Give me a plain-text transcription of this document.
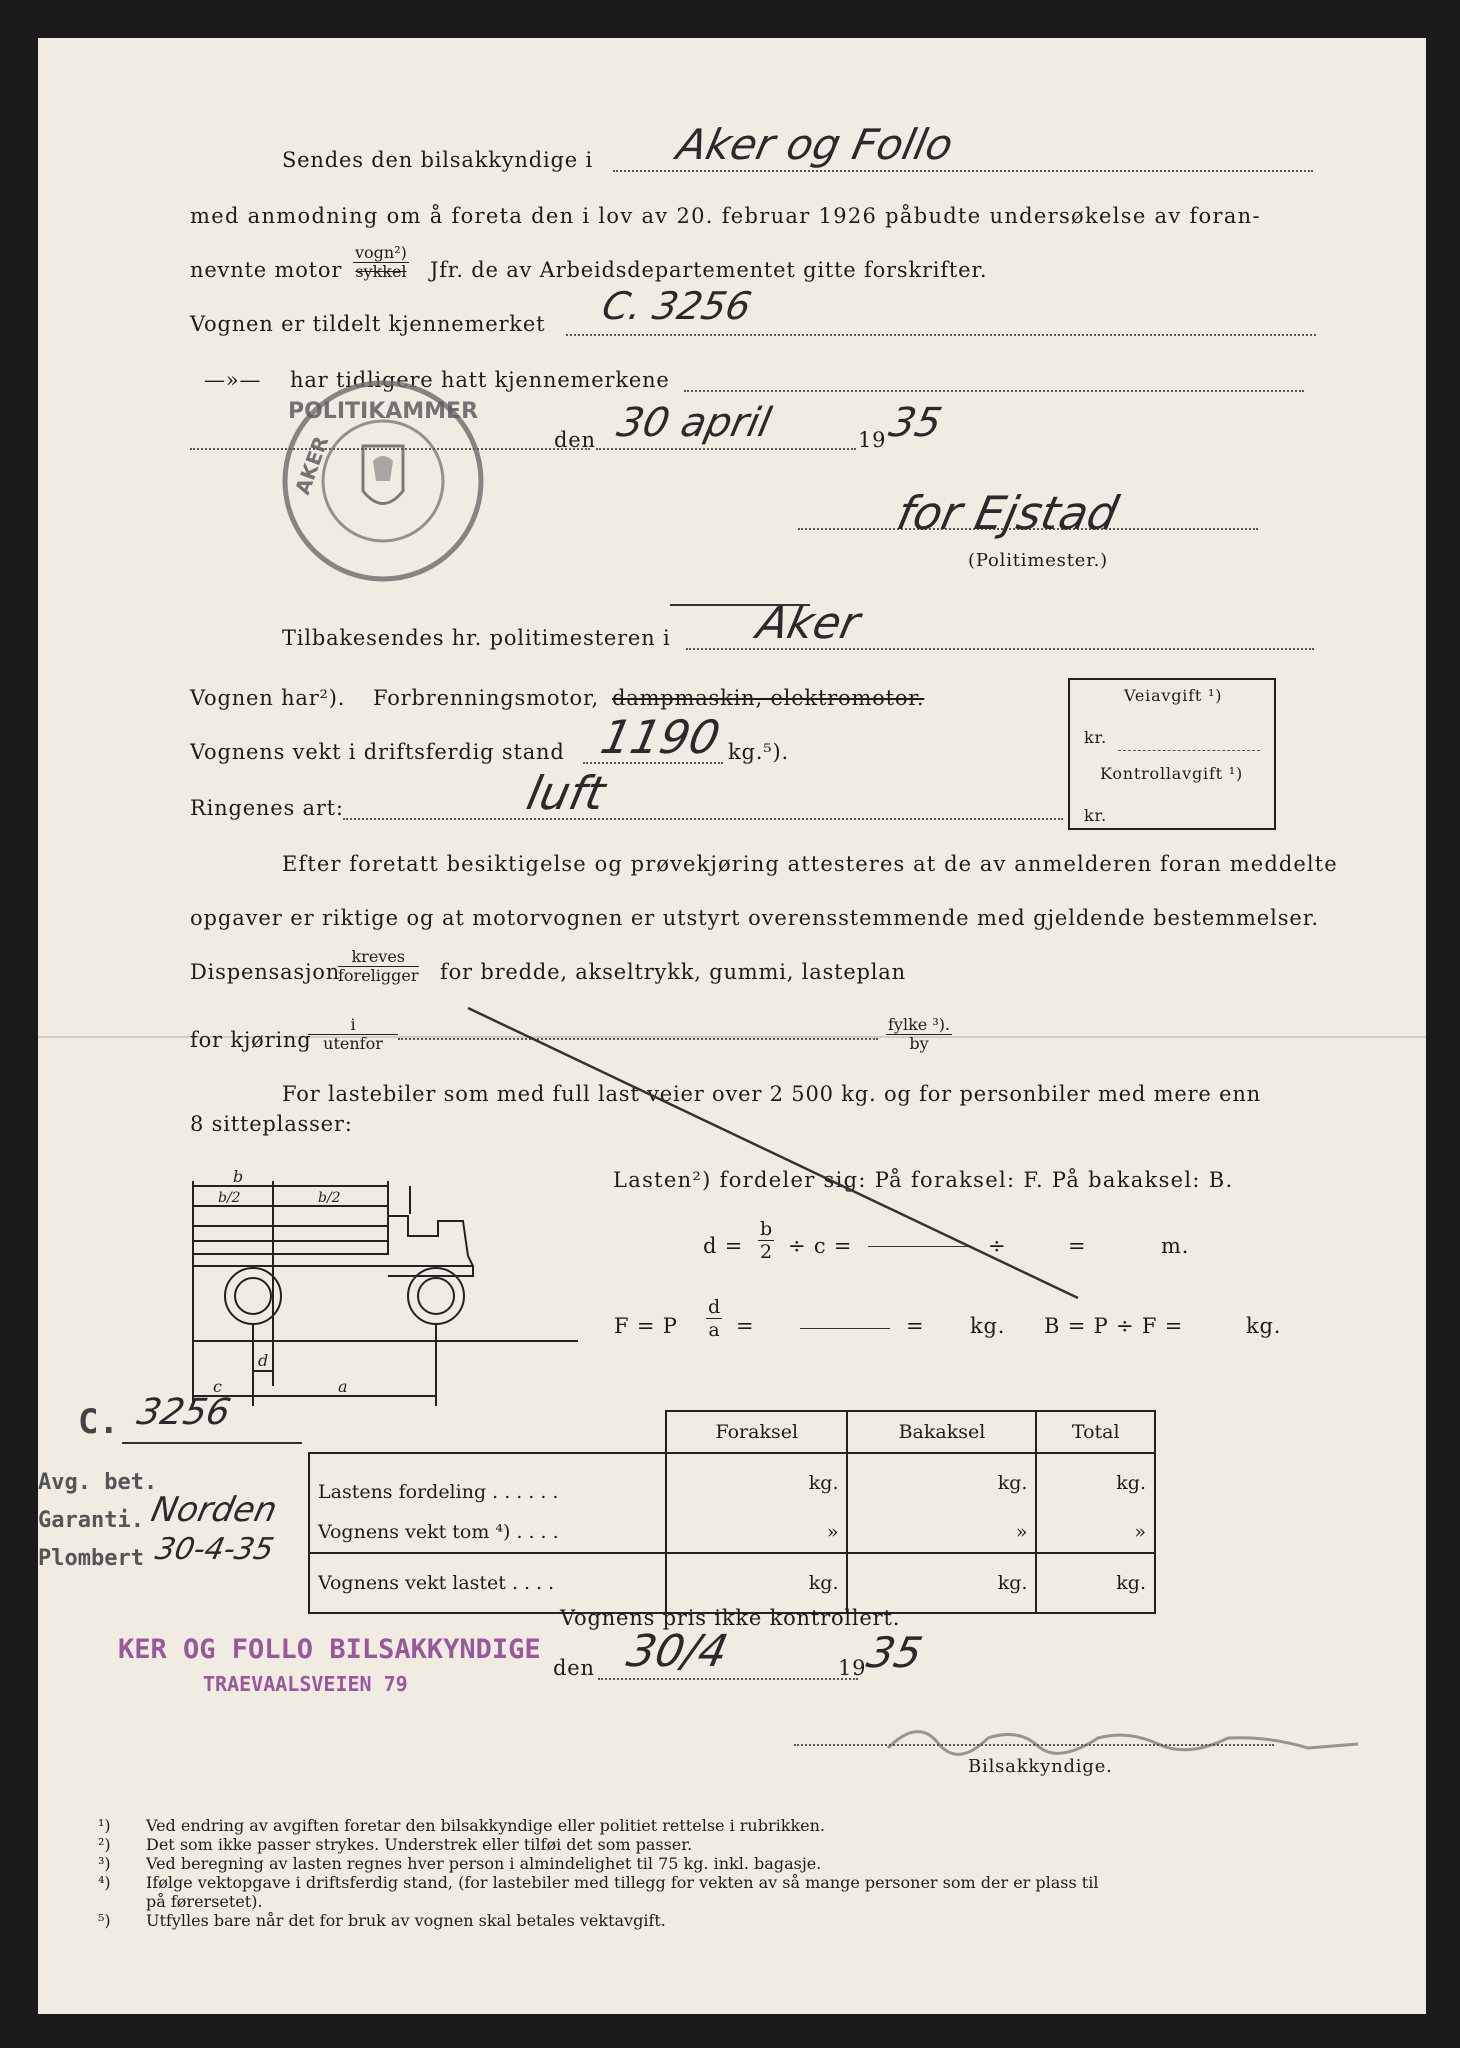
Sendes den bilsakkyndige i Aker og Follo
med anmodning om å foreta den i lov av 20. februar 1926 påbudte undersøkelse av foran-
nevnte motor
vogn²)
sykkel Jfr. de av Arbeidsdepartementet gitte forskrifter.
Vognen er tildelt kjennemerket C. 3256
—»— har tidligere hatt kjennemerkene
POLITIKAMMER
AKER	den 30 april	19
35
for Ejstad
(Politimester.)
Tilbakesendes hr. politimesteren i Aker
Vognen har²). Forbrenningsmotor, dampmaskin, elektromotor.
Vognens vekt i driftsferdig stand 1190 kg.⁵).
Ringenes art:	luft
Veiavgift ¹)
kr.
Kontrollavgift ¹)
kr.
Efter foretatt besiktigelse og prøvekjøring attesteres at de av anmelderen foran meddelte
opgaver er riktige og at motorvognen er utstyrt overensstemmende med gjeldende bestemmelser.
Dispensasjon
kreves
foreligger for bredde, akseltrykk, gummi, lasteplan
for kjøring
i
utenfor
fylke ³).
by
For lastebiler som med full last veier over 2 500 kg. og for personbiler med mere enn
8 sitteplasser:
b
b/2	b/2
d
c	a
Lasten²) fordeler sig: På foraksel: F. På bakaksel: B.
$d = \frac{b}{2} \div c$ =	÷	=	m.
F = P $\frac{d}{a}$ =	= kg. B = P ÷ F =	kg.
C. 3256
Avg. bet.
Garanti. Norden
Plombert 30-4-35
	Foraksel	Bakaksel	Total
Lastens fordeling ......	kg.	kg.	kg.
Vognens vekt tom ⁴) ....	»	»	»
Vognens vekt lastet ....	kg.	kg.	kg.
Vognens pris ikke kontrollert.
KER OG FOLLO BILSAKKYNDIGE
TRAEVAALSVEIEN 79
den 30/4	19
35
Bilsakkyndige.
¹) Ved endring av avgiften foretar den bilsakkyndige eller politiet rettelse i rubrikken.
²) Det som ikke passer strykes. Understrek eller tilføi det som passer.
³) Ved beregning av lasten regnes hver person i almindelighet til 75 kg. inkl. bagasje.
⁴) Ifølge vektopgave i driftsferdig stand, (for lastebiler med tillegg for vekten av så mange personer som der er plass til
på førersetet).
⁵) Utfylles bare når det for bruk av vognen skal betales vektavgift.
